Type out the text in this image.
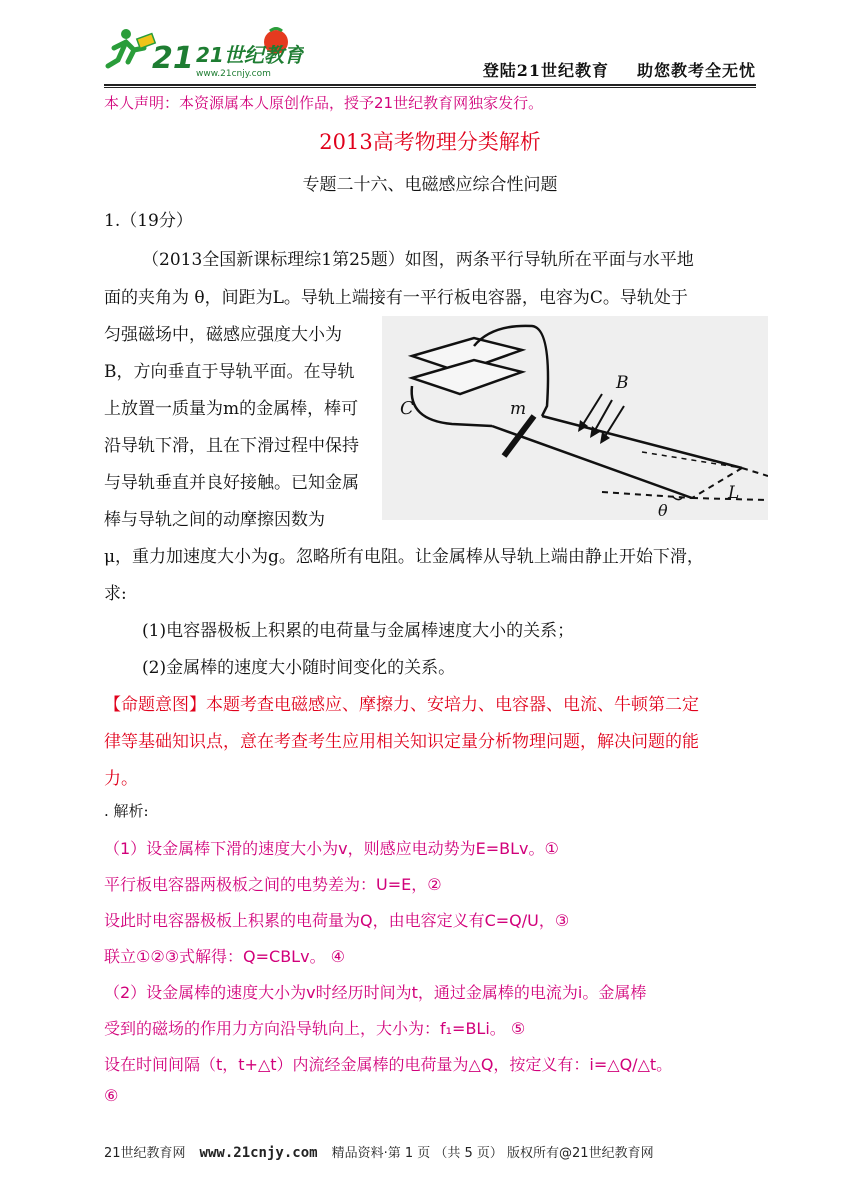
21 21世纪教育
www.21cnjy.com	登陆21世纪教育 助您教考全无忧
本人声明：本资源属本人原创作品，授予21世纪教育网独家发行。
2013高考物理分类解析
专题二十六、电磁感应综合性问题
1.（19分）
（2013全国新课标理综1第25题）如图，两条平行导轨所在平面与水平地
面的夹角为 θ，间距为L。导轨上端接有一平行板电容器，电容为C。导轨处于
匀强磁场中，磁感应强度大小为
B，方向垂直于导轨平面。在导轨
上放置一质量为m的金属棒，棒可
沿导轨下滑，且在下滑过程中保持
与导轨垂直并良好接触。已知金属
棒与导轨之间的动摩擦因数为
μ，重力加速度大小为g。忽略所有电阻。让金属棒从导轨上端由静止开始下滑，
求:
(1)电容器极板上积累的电荷量与金属棒速度大小的关系；
(2)金属棒的速度大小随时间变化的关系。
C	m
B
L
θ
【命题意图】本题考查电磁感应、摩擦力、安培力、电容器、电流、牛顿第二定
律等基础知识点，意在考查考生应用相关知识定量分析物理问题，解决问题的能
力。
. 解析:
（1）设金属棒下滑的速度大小为v，则感应电动势为E=BLv。①
平行板电容器两极板之间的电势差为：U=E，②
设此时电容器极板上积累的电荷量为Q，由电容定义有C=Q/U，③
联立①②③式解得：Q=CBLv。 ④
（2）设金属棒的速度大小为v时经历时间为t，通过金属棒的电流为i。金属棒
受到的磁场的作用力方向沿导轨向上，大小为：f₁=BLi。 ⑤
设在时间间隔（t，t+△t）内流经金属棒的电荷量为△Q，按定义有：i=△Q/△t。
⑥
21世纪教育网 www.21cnjy.com 精品资料·第 1 页 （共 5 页） 版权所有@21世纪教育网
